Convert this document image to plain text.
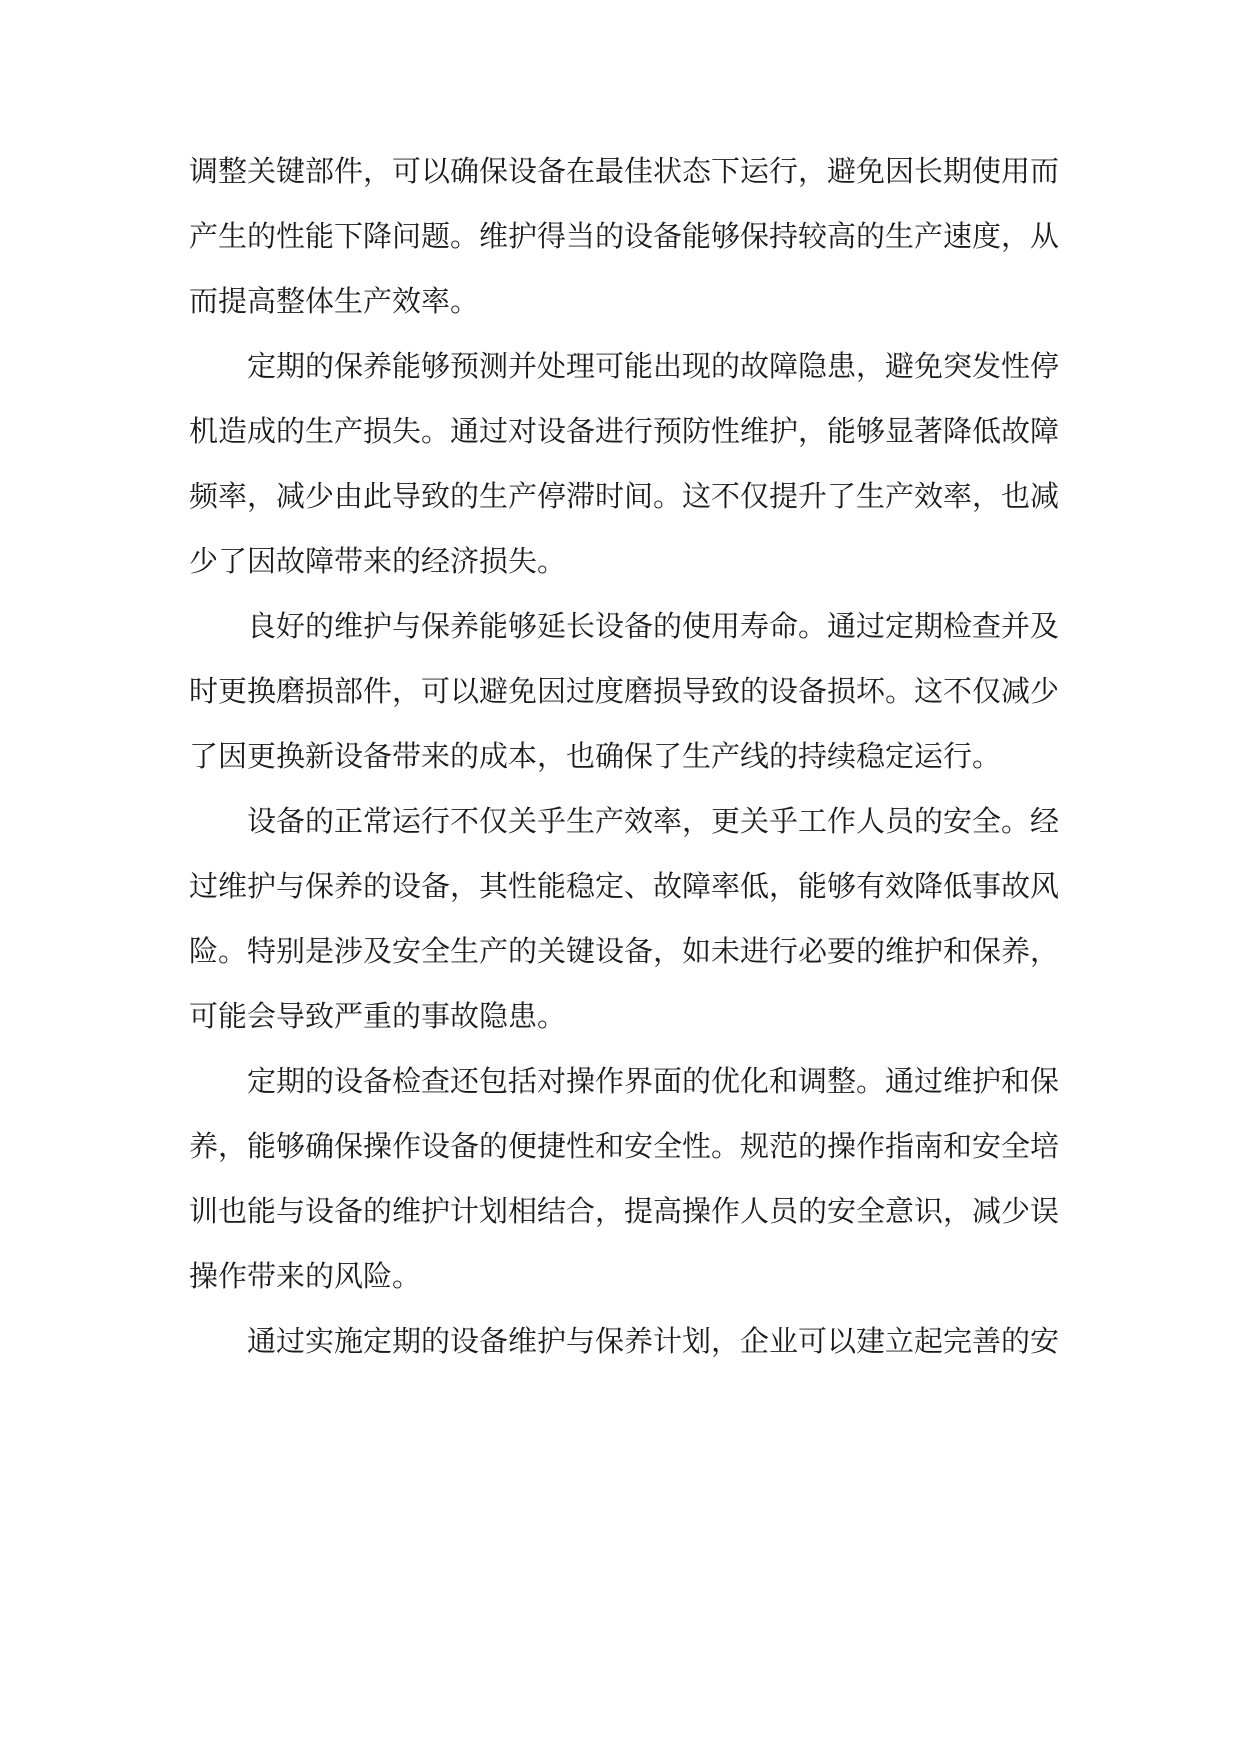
调整关键部件，可以确保设备在最佳状态下运行，避免因长期使用而产生的性能下降问题。维护得当的设备能够保持较高的生产速度，从而提高整体生产效率。

定期的保养能够预测并处理可能出现的故障隐患，避免突发性停机造成的生产损失。通过对设备进行预防性维护，能够显著降低故障频率，减少由此导致的生产停滞时间。这不仅提升了生产效率，也减少了因故障带来的经济损失。

良好的维护与保养能够延长设备的使用寿命。通过定期检查并及时更换磨损部件，可以避免因过度磨损导致的设备损坏。这不仅减少了因更换新设备带来的成本，也确保了生产线的持续稳定运行。

设备的正常运行不仅关乎生产效率，更关乎工作人员的安全。经过维护与保养的设备，其性能稳定、故障率低，能够有效降低事故风险。特别是涉及安全生产的关键设备，如未进行必要的维护和保养，可能会导致严重的事故隐患。

定期的设备检查还包括对操作界面的优化和调整。通过维护和保养，能够确保操作设备的便捷性和安全性。规范的操作指南和安全培训也能与设备的维护计划相结合，提高操作人员的安全意识，减少误操作带来的风险。

通过实施定期的设备维护与保养计划，企业可以建立起完善的安
